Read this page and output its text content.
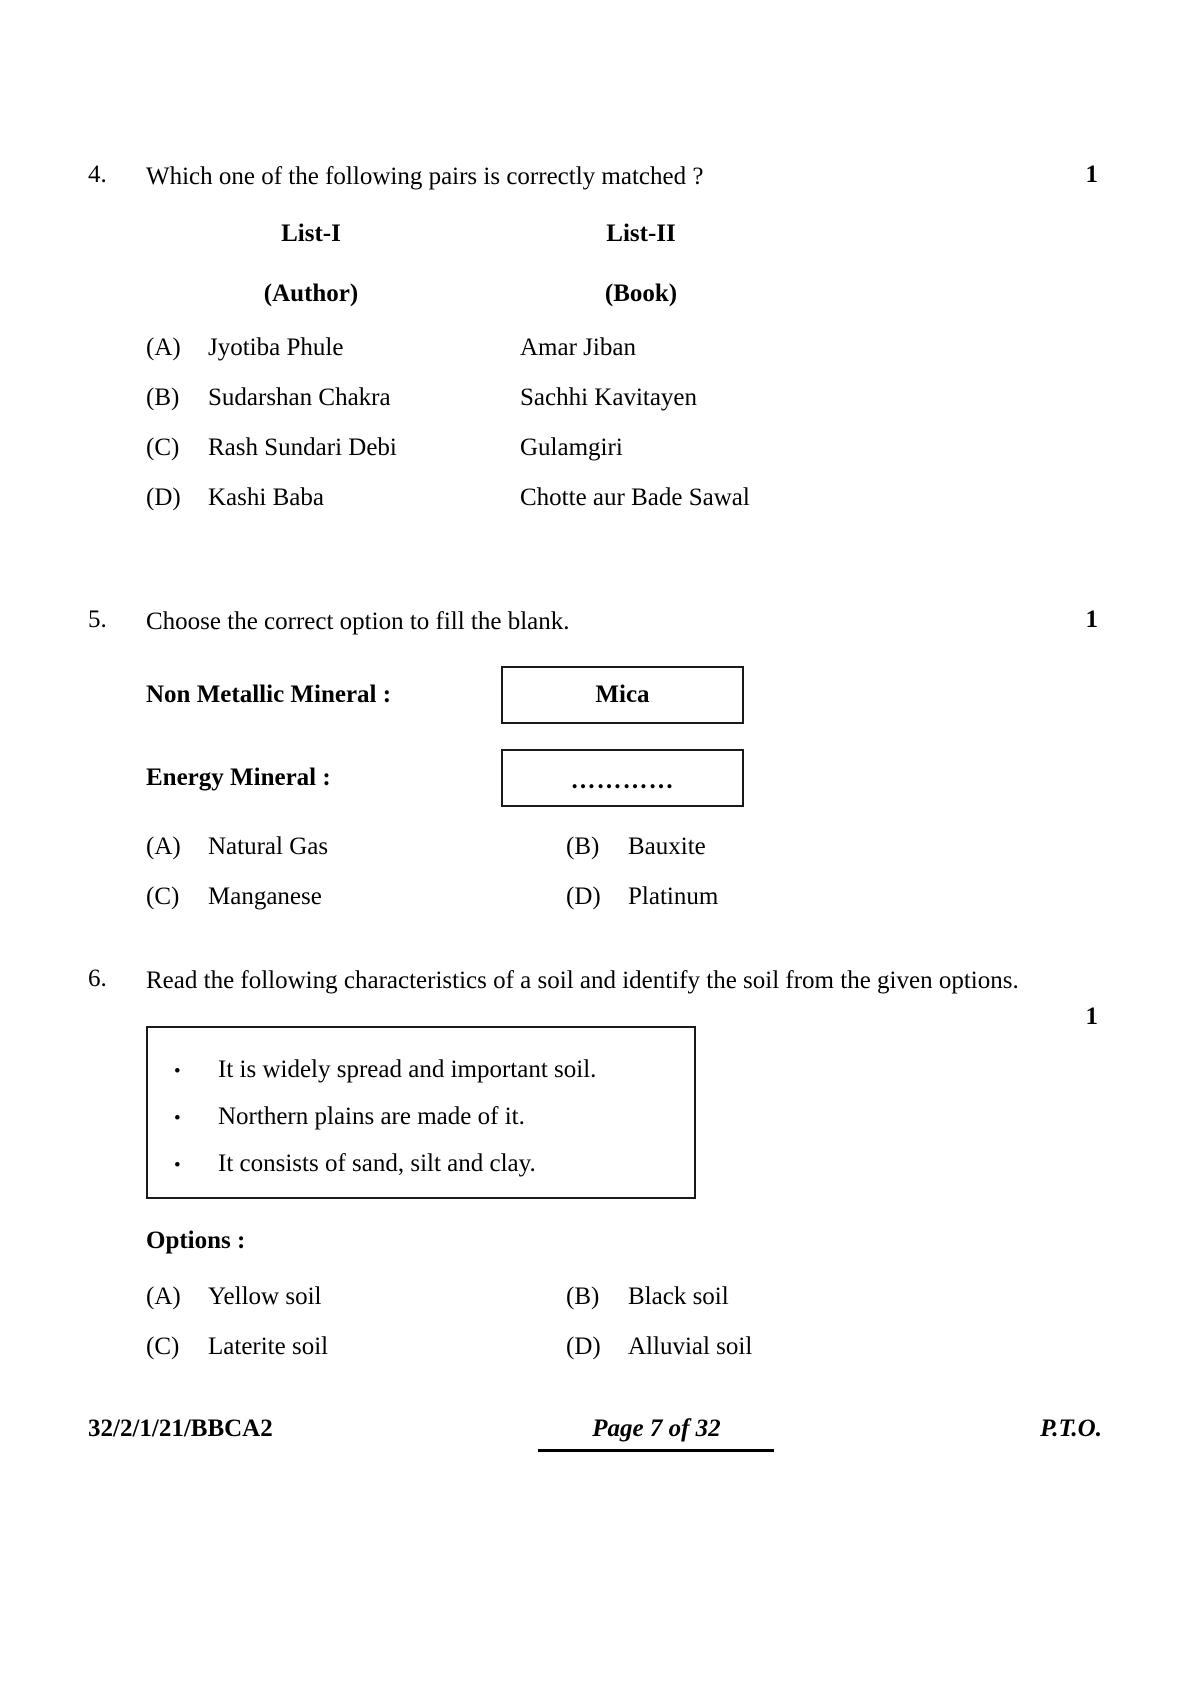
4.	Which one of the following pairs is correctly matched ?	1
List-I	List-II
(Author)	(Book)
(A)	Jyotiba Phule	Amar Jiban
(B)	Sudarshan Chakra	Sachhi Kavitayen
(C)	Rash Sundari Debi	Gulamgiri
(D)	Kashi Baba	Chotte aur Bade Sawal
5.	Choose the correct option to fill the blank.	1
Non Metallic Mineral :	Mica
Energy Mineral :	…………
(A)	Natural Gas	(B)	Bauxite
(C)	Manganese	(D)	Platinum
6.	Read the following characteristics of a soil and identify the soil from the given options.
1
•	It is widely spread and important soil.
•	Northern plains are made of it.
•	It consists of sand, silt and clay.
Options :
(A)	Yellow soil	(B)	Black soil
(C)	Laterite soil	(D)	Alluvial soil
32/2/1/21/BBCA2	Page 7 of 32	P.T.O.
